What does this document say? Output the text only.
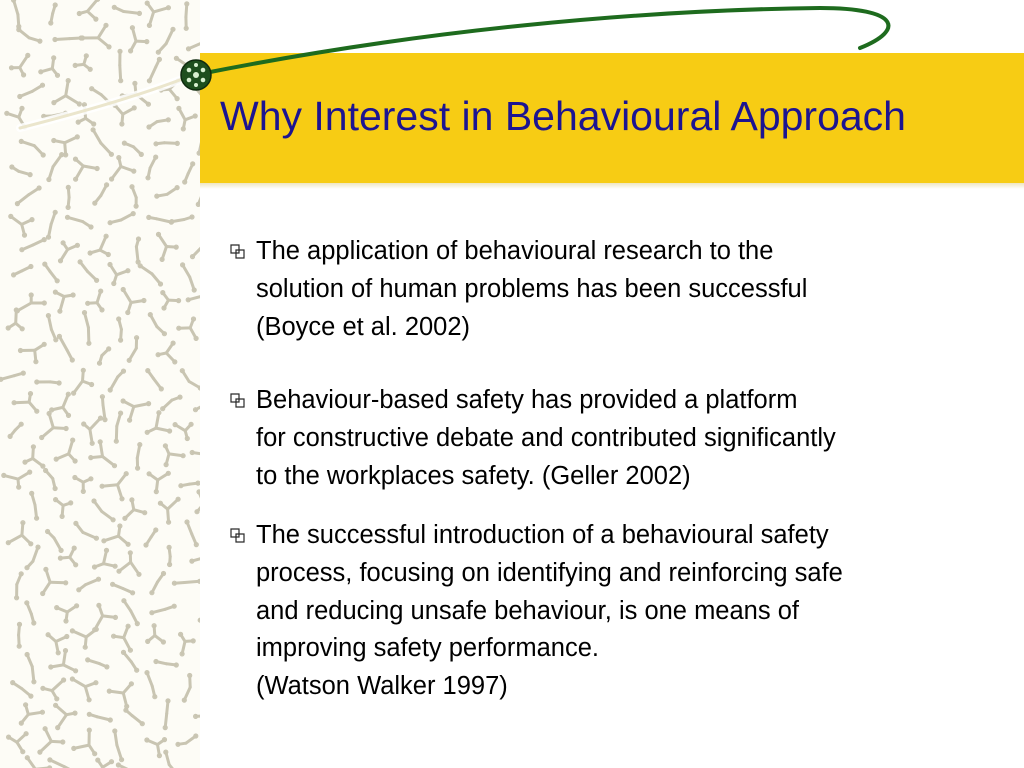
Why Interest in Behavioural Approach
The application of behavioural research to the
solution of human problems has been successful
(Boyce et al. 2002)
Behaviour-based safety has provided a platform
for constructive debate and contributed significantly
to the workplaces safety. (Geller 2002)
The successful introduction of a behavioural safety
process, focusing on identifying and reinforcing safe
and reducing unsafe behaviour, is one means of
improving safety performance.
(Watson Walker 1997)
